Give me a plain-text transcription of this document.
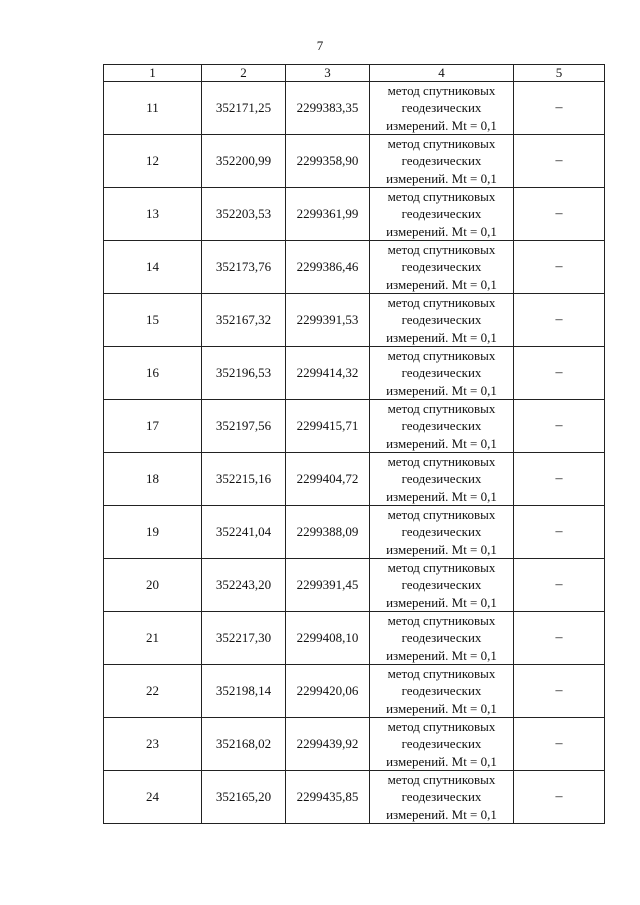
7
1	2	3	4	5
11	352171,25	2299383,35	метод спутниковых геодезических измерений. Mt = 0,1	–
12	352200,99	2299358,90	метод спутниковых геодезических измерений. Mt = 0,1	–
13	352203,53	2299361,99	метод спутниковых геодезических измерений. Mt = 0,1	–
14	352173,76	2299386,46	метод спутниковых геодезических измерений. Mt = 0,1	–
15	352167,32	2299391,53	метод спутниковых геодезических измерений. Mt = 0,1	–
16	352196,53	2299414,32	метод спутниковых геодезических измерений. Mt = 0,1	–
17	352197,56	2299415,71	метод спутниковых геодезических измерений. Mt = 0,1	–
18	352215,16	2299404,72	метод спутниковых геодезических измерений. Mt = 0,1	–
19	352241,04	2299388,09	метод спутниковых геодезических измерений. Mt = 0,1	–
20	352243,20	2299391,45	метод спутниковых геодезических измерений. Mt = 0,1	–
21	352217,30	2299408,10	метод спутниковых геодезических измерений. Mt = 0,1	–
22	352198,14	2299420,06	метод спутниковых геодезических измерений. Mt = 0,1	–
23	352168,02	2299439,92	метод спутниковых геодезических измерений. Mt = 0,1	–
24	352165,20	2299435,85	метод спутниковых геодезических измерений. Mt = 0,1	–
